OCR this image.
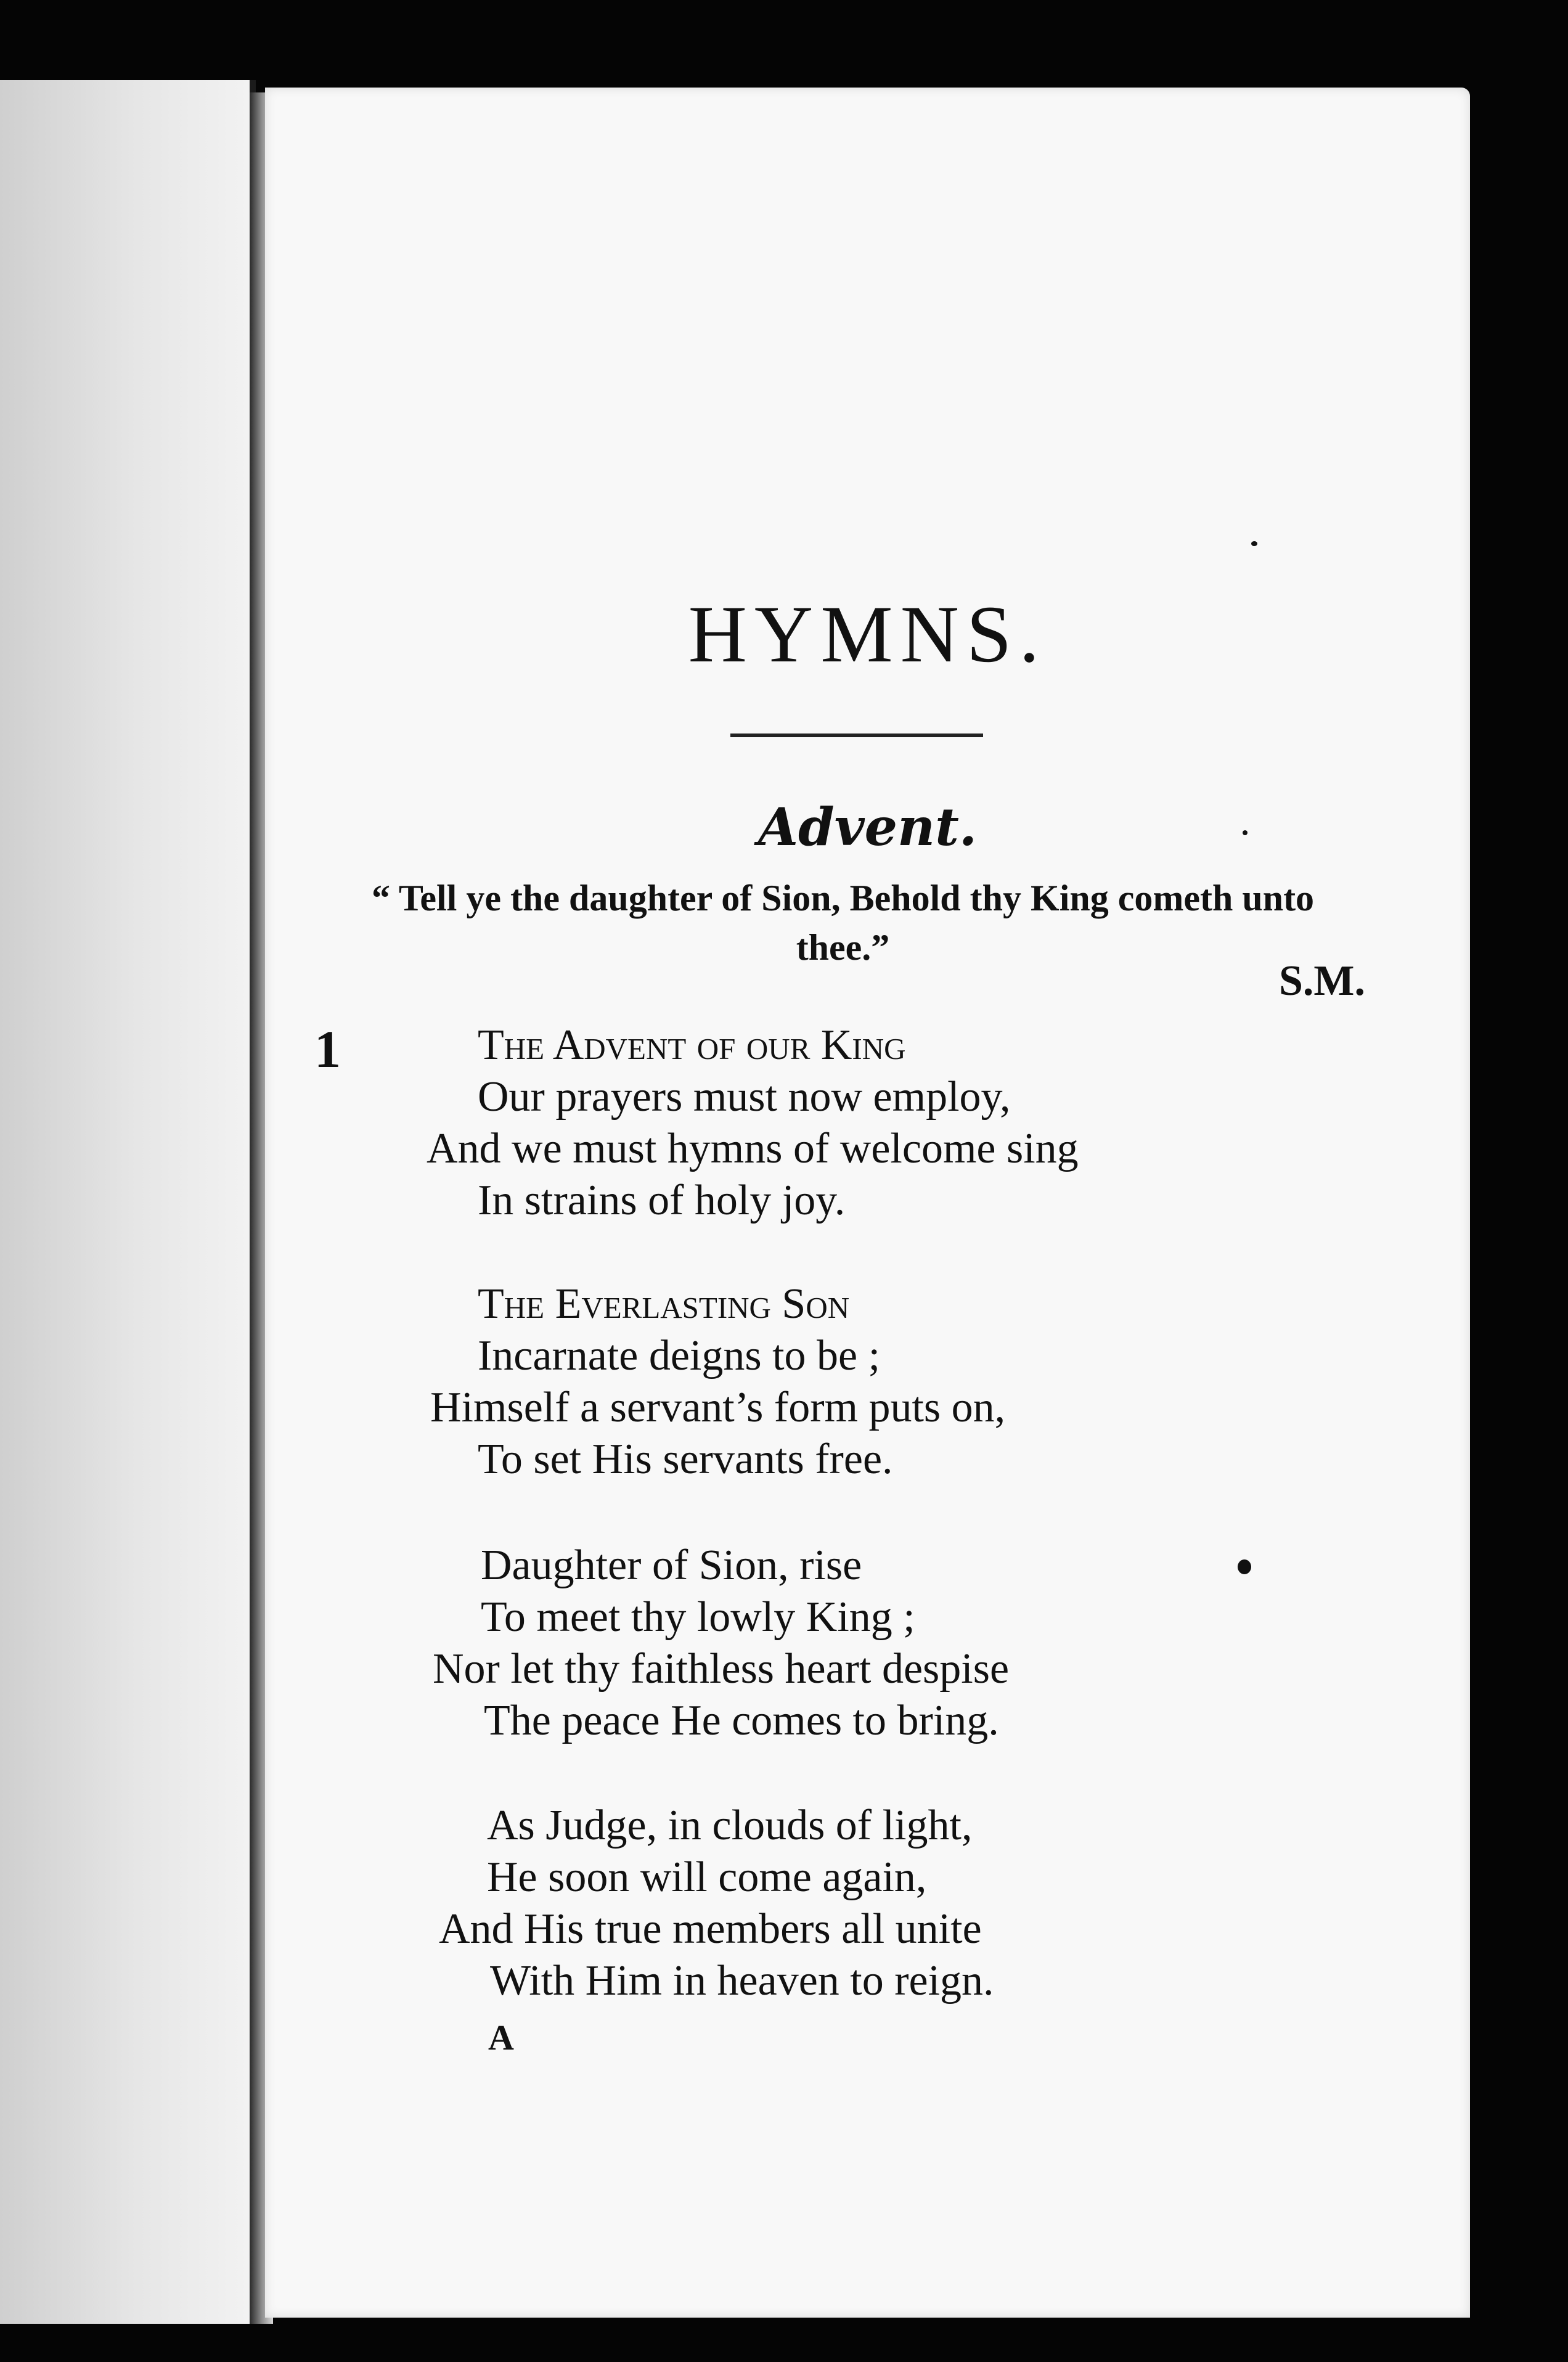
HYMNS.
Advent.
“ Tell ye the daughter of Sion, Behold thy King cometh unto thee.”
S.M.
1	The Advent of our King
Our prayers must now employ,
And we must hymns of welcome sing
In strains of holy joy.
The Everlasting Son
Incarnate deigns to be ;
Himself a servant’s form puts on,
To set His servants free.
Daughter of Sion, rise
To meet thy lowly King ;
Nor let thy faithless heart despise
The peace He comes to bring.
As Judge, in clouds of light,
He soon will come again,
And His true members all unite
With Him in heaven to reign.
A
